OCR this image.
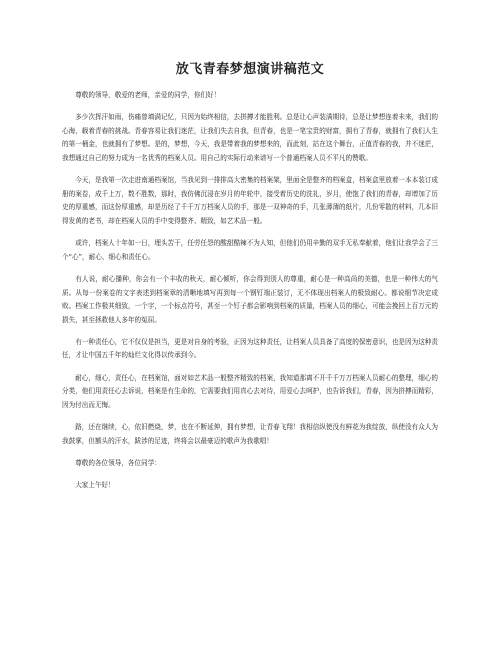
放飞青春梦想演讲稿范文

尊敬的领导，敬爱的老师，亲爱的同学，你们好！

多少次挥汗如雨，伤痛曾填满记忆，只因为始终相信，去拼搏才能胜利。总是让心声装满期待，总是让梦想连着未来，我们的心海，载着青春的挑战。青春容易让我们迷茫，让我们失去自我，但青春，也是一笔宝贵的财富，拥有了青春，就拥有了我们人生的第一桶金，也就拥有了梦想。是的，梦想，今天，我是带着我的梦想来的，而此刻，站在这个舞台，正值青春的我，并不迷茫，我想通过自己的努力成为一名优秀的档案人员。用自己的实际行动来谱写一个普通档案人员不平凡的赞歌。

今天，是我第一次走进南通档案馆，当我见到一排排高大密集的档案架，里面全是整齐的档案盒，档案盒里放着一本本装订成册的案卷，成千上万，数不胜数，那时，我仿佛沉浸在岁月的年轮中，接受着历史的洗礼，岁月，使饱了我们的青春，却增加了历史的厚重感，而这份厚重感，却是历经了千千万万档案人员的手，那是一双神奇的手，几张薄薄的纸片，几份零散的材料，几本旧得发黄的老书，却在档案人员的手中变得整齐、精致，如艺术品一般。

或许，档案人十年如一日，埋头苦干，任劳任怨的酸甜酷辣不为人知，但他们仍用辛勤的双手无私奉献着，他们让我学会了三个“心”，耐心、细心和责任心。

有人说，耐心播种，你会有一个丰收的秋天，耐心倾听，你会得到别人的尊重，耐心是一种高尚的美德，也是一种伟大的气质。从每一份案卷的文字表述到档案章的清晰地填写再到每一个钢钉端正装订，无不体现出档案人的极致耐心。都说细节决定成败。档案工作极其细致，一个字，一个标点符号，甚至一个钉子都会影响到档案的质量，档案人员的细心，可能会挽回上百万元的损失，甚至拯救他人多年的冤屈。

有一种责任心，它不仅仅是担当，更是对自身的考验，正因为这种责任，让档案人员具备了高度的保密意识，也是因为这种责任，才让中国五千年的灿烂文化得以传承到今。

耐心，细心，责任心，在档案馆，面对如艺术品一般整齐精致的档案，我知道那离不开千千万万档案人员耐心的整理，细心的分类，他们用责任心去诉说，档案是有生命的，它需要我们用真心去对待，用爱心去呵护，也告诉我们，青春，因为拼搏而精彩，因为付出而无悔。

路，还在继续，心，依旧燃烧，梦，也在不断延伸，拥有梦想，让青春飞翔！我相信纵使没有鲜花为我绽放，纵使没有众人为我鼓掌，但额头的汗水，跋涉的足迹，终将会以最豪迈的歌声为我歌唱！

尊敬的各位领导，各位同学：

大家上午好！
